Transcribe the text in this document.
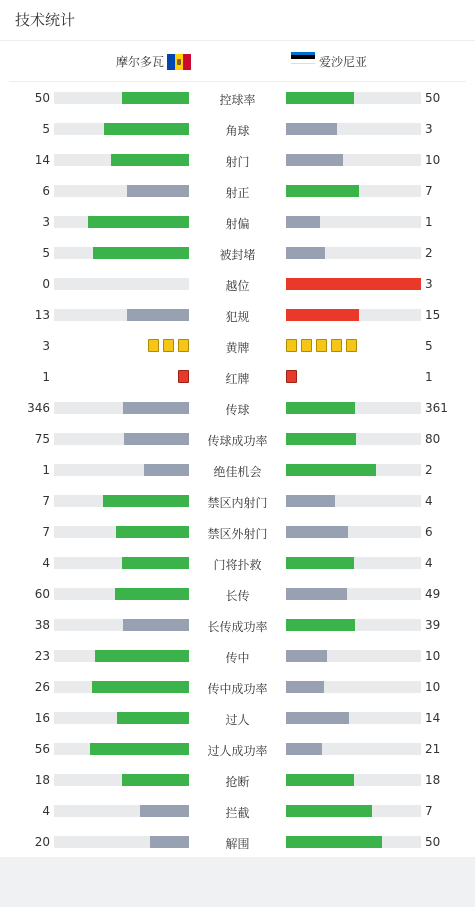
技术统计
摩尔多瓦	爱沙尼亚
50	控球率	50
5	角球	3
14	射门	10
6	射正	7
3	射偏	1
5	被封堵	2
0	越位	3
13	犯规	15
3	黄牌	5
1	红牌	1
346	传球	361
75	传球成功率	80
1	绝佳机会	2
7	禁区内射门	4
7	禁区外射门	6
4	门将扑救	4
60	长传	49
38	长传成功率	39
23	传中	10
26	传中成功率	10
16	过人	14
56	过人成功率	21
18	抢断	18
4	拦截	7
20	解围	50
